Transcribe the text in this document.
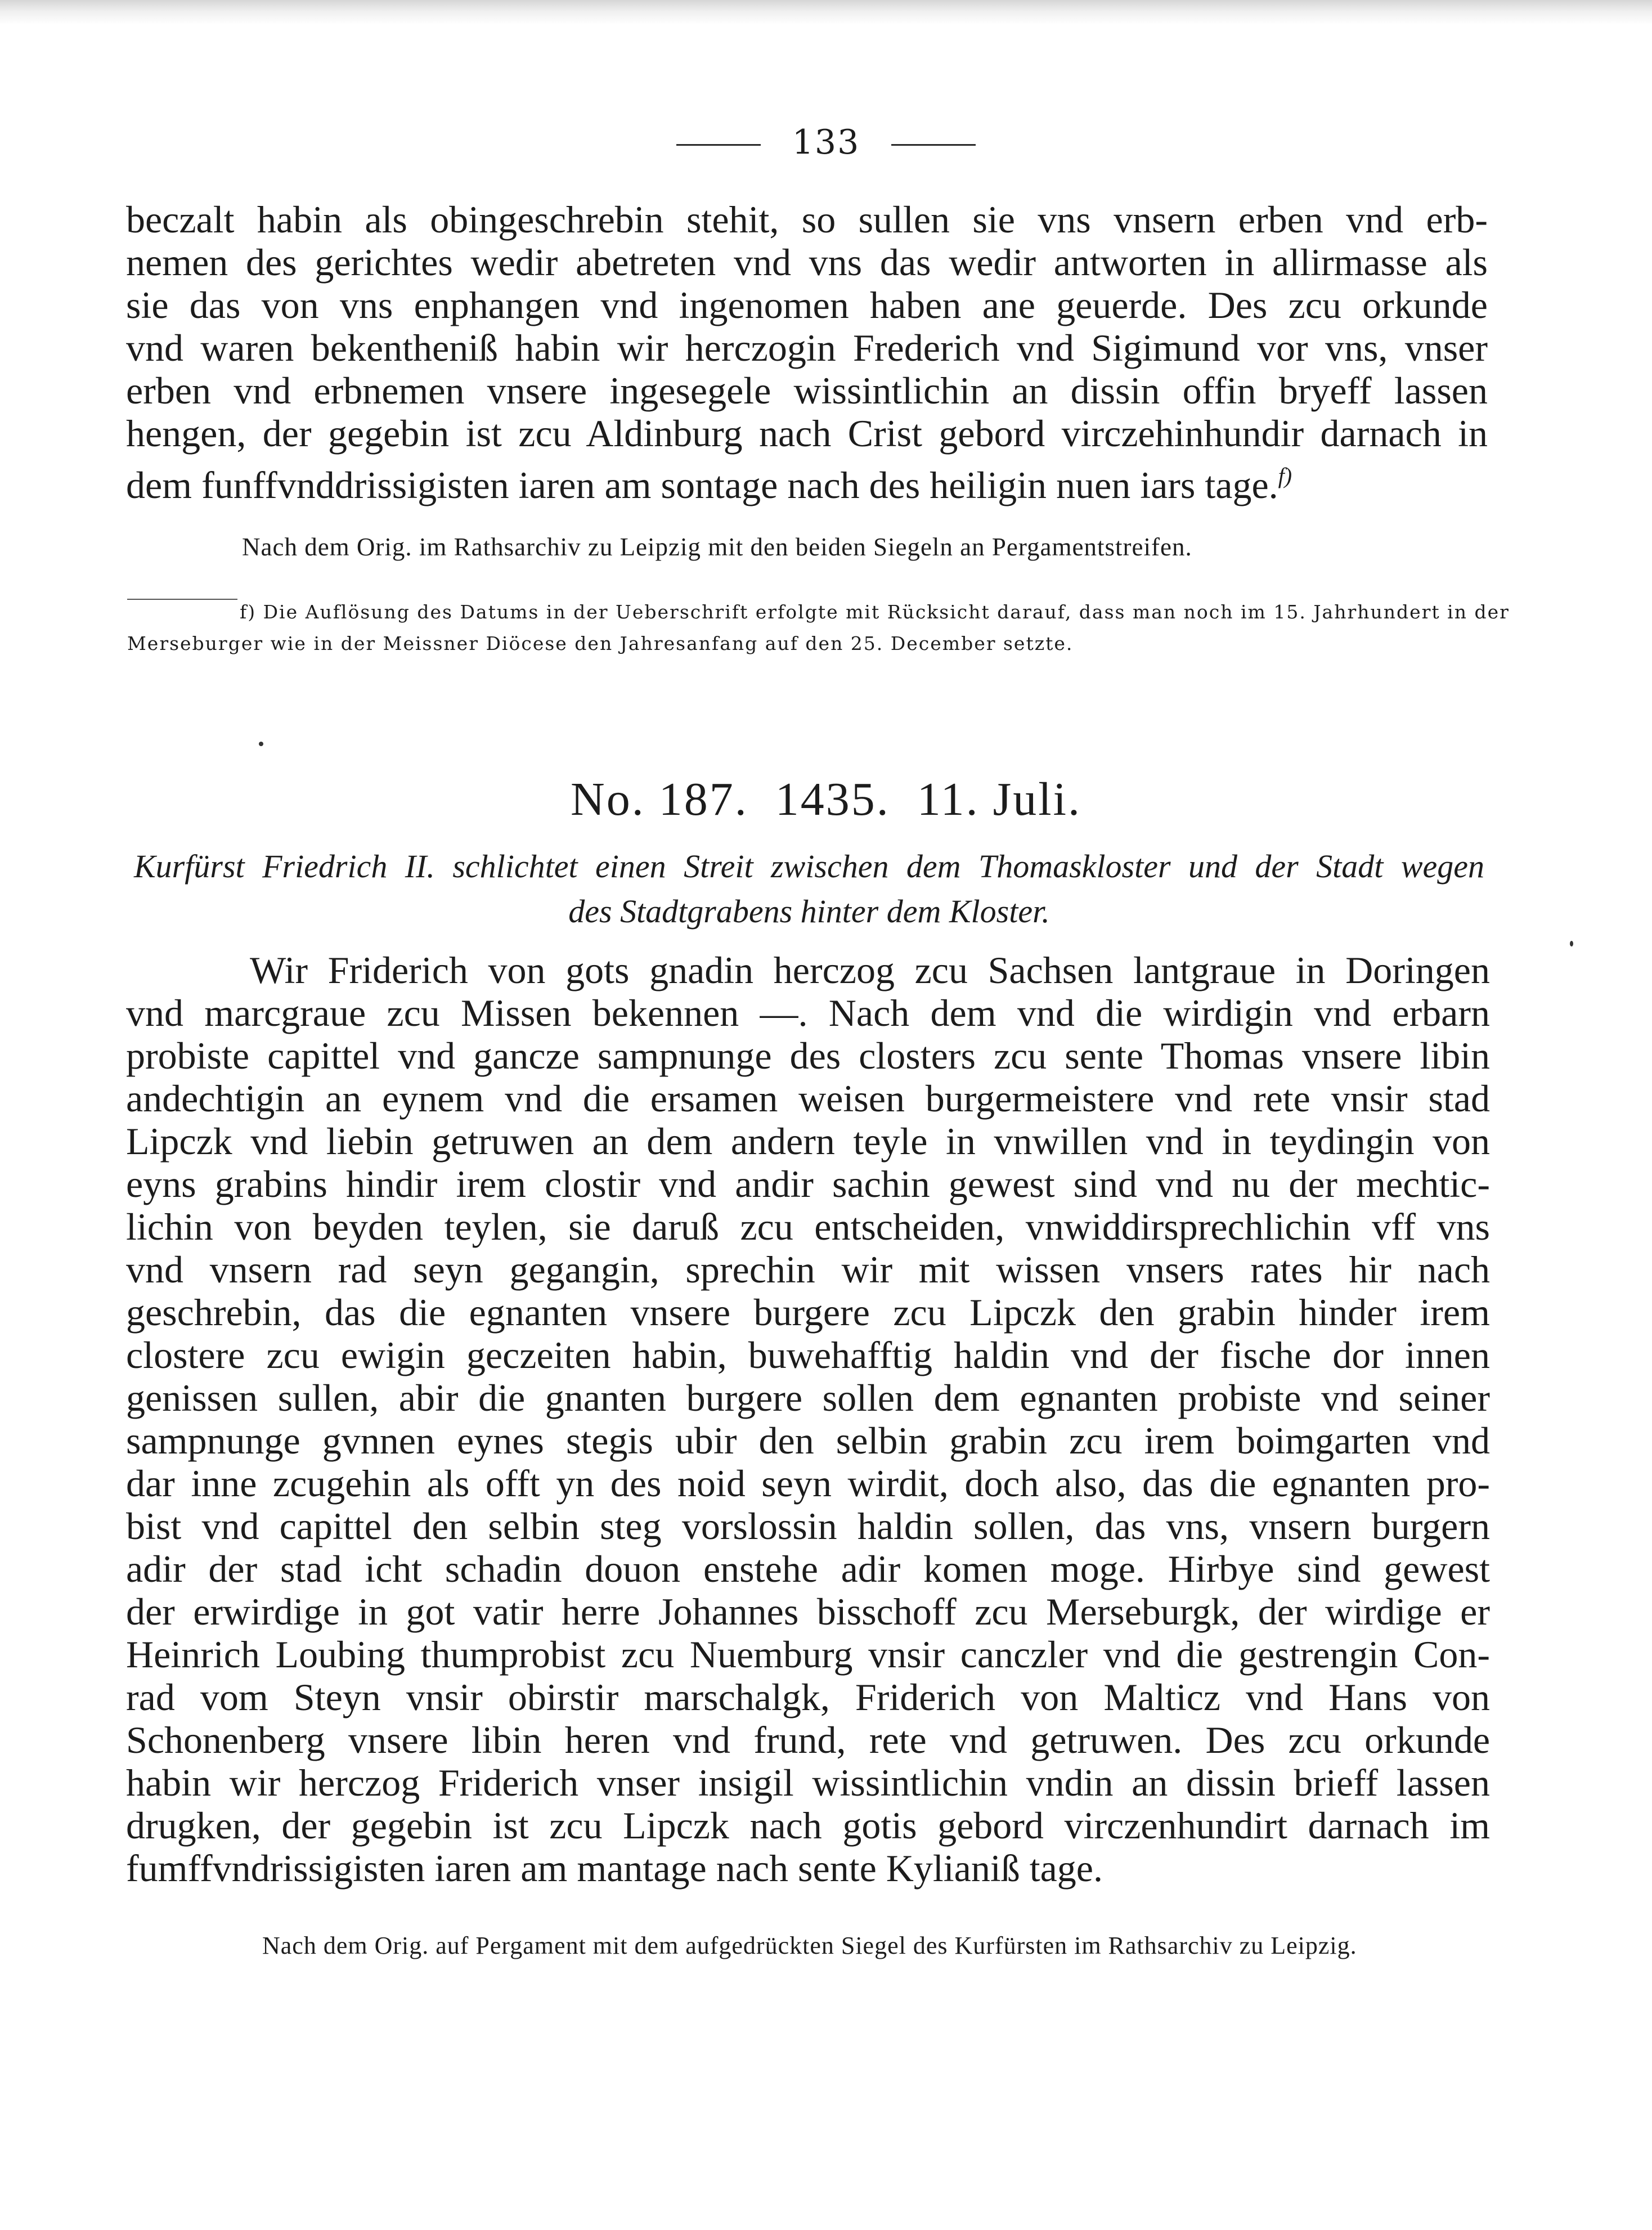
133
beczalt habin als obingeschrebin stehit, so sullen sie vns vnsern erben vnd erb-
nemen des gerichtes wedir abetreten vnd vns das wedir antworten in allirmasse als
sie das von vns enphangen vnd ingenomen haben ane geuerde. Des zcu orkunde
vnd waren bekentheniß habin wir herczogin Frederich vnd Sigimund vor vns, vnser
erben vnd erbnemen vnsere ingesegele wissintlichin an dissin offin bryeff lassen
hengen, der gegebin ist zcu Aldinburg nach Crist gebord virczehinhundir darnach in
dem funffvnddrissigisten iaren am sontage nach des heiligin nuen iars tage.$^{f)}$
Nach dem Orig. im Rathsarchiv zu Leipzig mit den beiden Siegeln an Pergamentstreifen.
f) Die Auflösung des Datums in der Ueberschrift erfolgte mit Rücksicht darauf, dass man noch im 15. Jahrhundert in der
Merseburger wie in der Meissner Diöcese den Jahresanfang auf den 25. December setzte.
No. 187. 1435. 11. Juli.
Kurfürst Friedrich II. schlichtet einen Streit zwischen dem Thomaskloster und der Stadt wegen
des Stadtgrabens hinter dem Kloster.
Wir Friderich von gots gnadin herczog zcu Sachsen lantgraue in Doringen
vnd marcgraue zcu Missen bekennen —. Nach dem vnd die wirdigin vnd erbarn
probiste capittel vnd gancze sampnunge des closters zcu sente Thomas vnsere libin
andechtigin an eynem vnd die ersamen weisen burgermeistere vnd rete vnsir stad
Lipczk vnd liebin getruwen an dem andern teyle in vnwillen vnd in teydingin von
eyns grabins hindir irem clostir vnd andir sachin gewest sind vnd nu der mechtic-
lichin von beyden teylen, sie daruß zcu entscheiden, vnwiddirsprechlichin vff vns
vnd vnsern rad seyn gegangin, sprechin wir mit wissen vnsers rates hir nach
geschrebin, das die egnanten vnsere burgere zcu Lipczk den grabin hinder irem
clostere zcu ewigin geczeiten habin, buwehafftig haldin vnd der fische dor innen
genissen sullen, abir die gnanten burgere sollen dem egnanten probiste vnd seiner
sampnunge gvnnen eynes stegis ubir den selbin grabin zcu irem boimgarten vnd
dar inne zcugehin als offt yn des noid seyn wirdit, doch also, das die egnanten pro-
bist vnd capittel den selbin steg vorslossin haldin sollen, das vns, vnsern burgern
adir der stad icht schadin douon enstehe adir komen moge. Hirbye sind gewest
der erwirdige in got vatir herre Johannes bisschoff zcu Merseburgk, der wirdige er
Heinrich Loubing thumprobist zcu Nuemburg vnsir canczler vnd die gestrengin Con-
rad vom Steyn vnsir obirstir marschalgk, Friderich von Malticz vnd Hans von
Schonenberg vnsere libin heren vnd frund, rete vnd getruwen. Des zcu orkunde
habin wir herczog Friderich vnser insigil wissintlichin vndin an dissin brieff lassen
drugken, der gegebin ist zcu Lipczk nach gotis gebord virczenhundirt darnach im
fumffvndrissigisten iaren am mantage nach sente Kylianiß tage.
Nach dem Orig. auf Pergament mit dem aufgedrückten Siegel des Kurfürsten im Rathsarchiv zu Leipzig.
